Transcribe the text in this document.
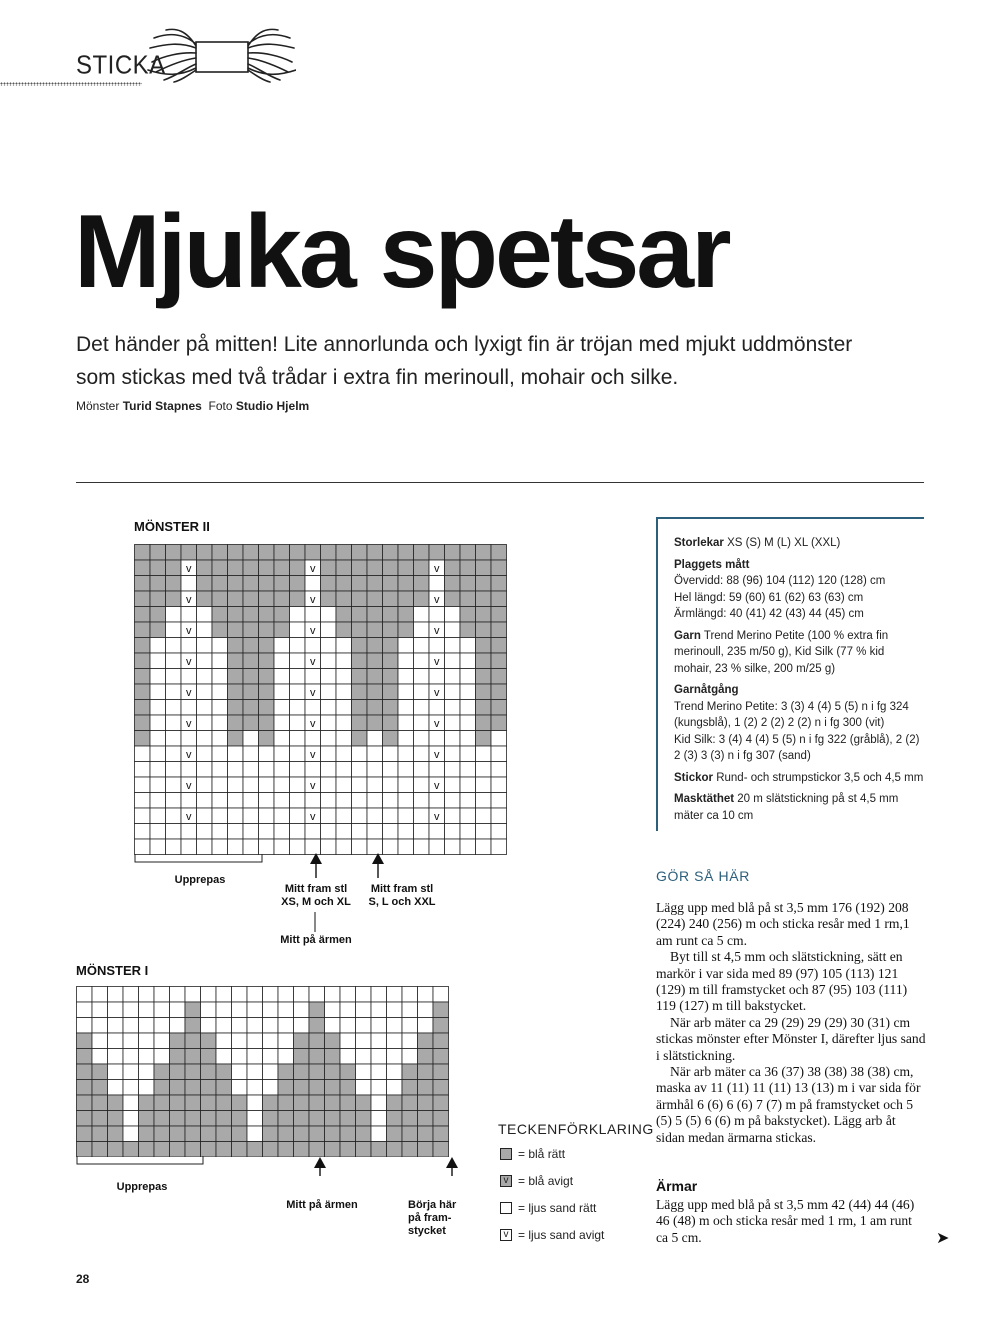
STICKA
Mjuka spetsar
Det händer på mitten! Lite annorlunda och lyxigt fin är tröjan med mjukt uddmönster som stickas med två trådar i extra fin merinoull, mohair och silke.
Mönster Turid Stapnes Foto Studio Hjelm
MÖNSTER II
v	v	v
v	v	v
v	v	v
v	v	v
v	v	v
v	v	v
v	v	v
v	v	v
v	v	v
Upprepas
Mitt fram stl
XS, M och XL
Mitt fram stl
S, L och XXL
Mitt på ärmen
MÖNSTER I
Upprepas
Mitt på ärmen	Börja här
på fram-
stycket
TECKENFÖRKLARING
= blå rätt
v = blå avigt
= ljus sand rätt
v = ljus sand avigt
28

Storlekar XS (S) M (L) XL (XXL)

Plaggets mått
Övervidd: 88 (96) 104 (112) 120 (128) cm
Hel längd: 59 (60) 61 (62) 63 (63) cm
Ärmlängd: 40 (41) 42 (43) 44 (45) cm

Garn Trend Merino Petite (100 % extra fin merinoull, 235 m/50 g), Kid Silk (77 % kid mohair, 23 % silke, 200 m/25 g)

Garnåtgång
Trend Merino Petite: 3 (3) 4 (4) 5 (5) n i fg 324 (kungsblå), 1 (2) 2 (2) 2 (2) n i fg 300 (vit)
Kid Silk: 3 (4) 4 (4) 5 (5) n i fg 322 (gråblå), 2 (2) 2 (3) 3 (3) n i fg 307 (sand)

Stickor Rund- och strumpstickor 3,5 och 4,5 mm

Masktäthet 20 m slätstickning på st 4,5 mm mäter ca 10 cm

GÖR SÅ HÄR

Lägg upp med blå på st 3,5 mm 176 (192) 208 (224) 240 (256) m och sticka resår med 1 rm,1 am runt ca 5 cm.

Byt till st 4,5 mm och slätstickning, sätt en markör i var sida med 89 (97) 105 (113) 121 (129) m till framstycket och 87 (95) 103 (111) 119 (127) m till bakstycket.

När arb mäter ca 29 (29) 29 (29) 30 (31) cm stickas mönster efter Mönster I, därefter ljus sand i slätstickning.

När arb mäter ca 36 (37) 38 (38) 38 (38) cm, maska av 11 (11) 11 (11) 13 (13) m i var sida för ärmhål 6 (6) 6 (6) 7 (7) m på framstycket och 5 (5) 5 (5) 6 (6) m på bakstycket). Lägg arb åt sidan medan ärmarna stickas.

Ärmar
Lägg upp med blå på st 3,5 mm 42 (44) 44 (46) 46 (48) m och sticka resår med 1 rm, 1 am runt ca 5 cm.	➤
